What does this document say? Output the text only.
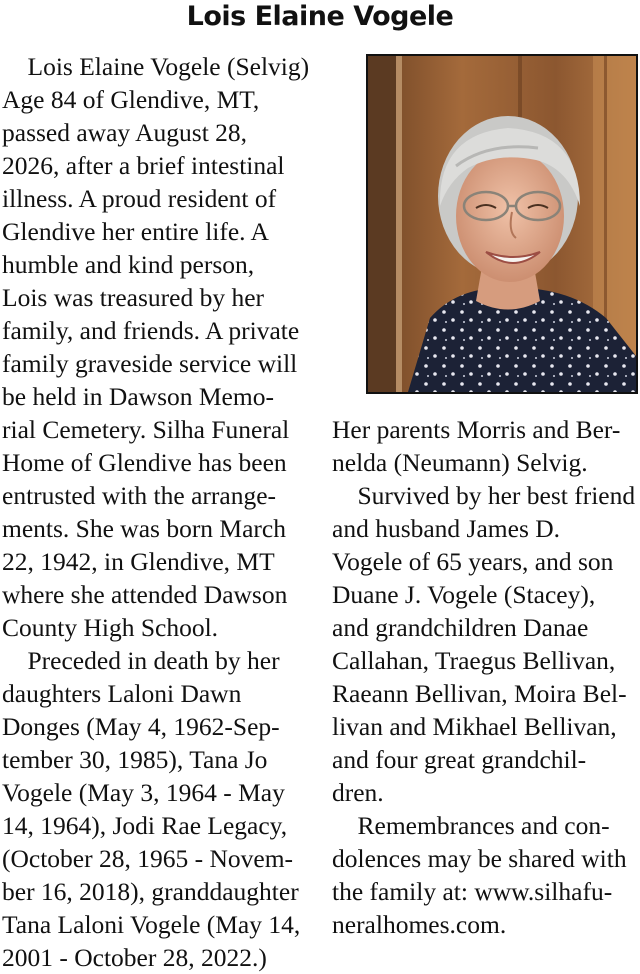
Lois Elaine Vogele
 Lois Elaine Vogele (Selvig)
Age 84 of Glendive, MT,
passed away August 28,
2026, after a brief intestinal
illness. A proud resident of
Glendive her entire life. A
humble and kind person,
Lois was treasured by her
family, and friends. A private
family graveside service will
be held in Dawson Memo-
rial Cemetery. Silha Funeral
Home of Glendive has been
entrusted with the arrange-
ments. She was born March
22, 1942, in Glendive, MT
where she attended Dawson
County High School.
 Preceded in death by her
daughters Laloni Dawn
Donges (May 4, 1962-Sep-
tember 30, 1985), Tana Jo
Vogele (May 3, 1964 - May
14, 1964), Jodi Rae Legacy,
(October 28, 1965 - Novem-
ber 16, 2018), granddaughter
Tana Laloni Vogele (May 14,
2001 - October 28, 2022.)
Her parents Morris and Ber-
nelda (Neumann) Selvig.
 Survived by her best friend
and husband James D.
Vogele of 65 years, and son
Duane J. Vogele (Stacey),
and grandchildren Danae
Callahan, Traegus Bellivan,
Raeann Bellivan, Moira Bel-
livan and Mikhael Bellivan,
and four great grandchil-
dren.
 Remembrances and con-
dolences may be shared with
the family at: www.silhafu-
neralhomes.com.
